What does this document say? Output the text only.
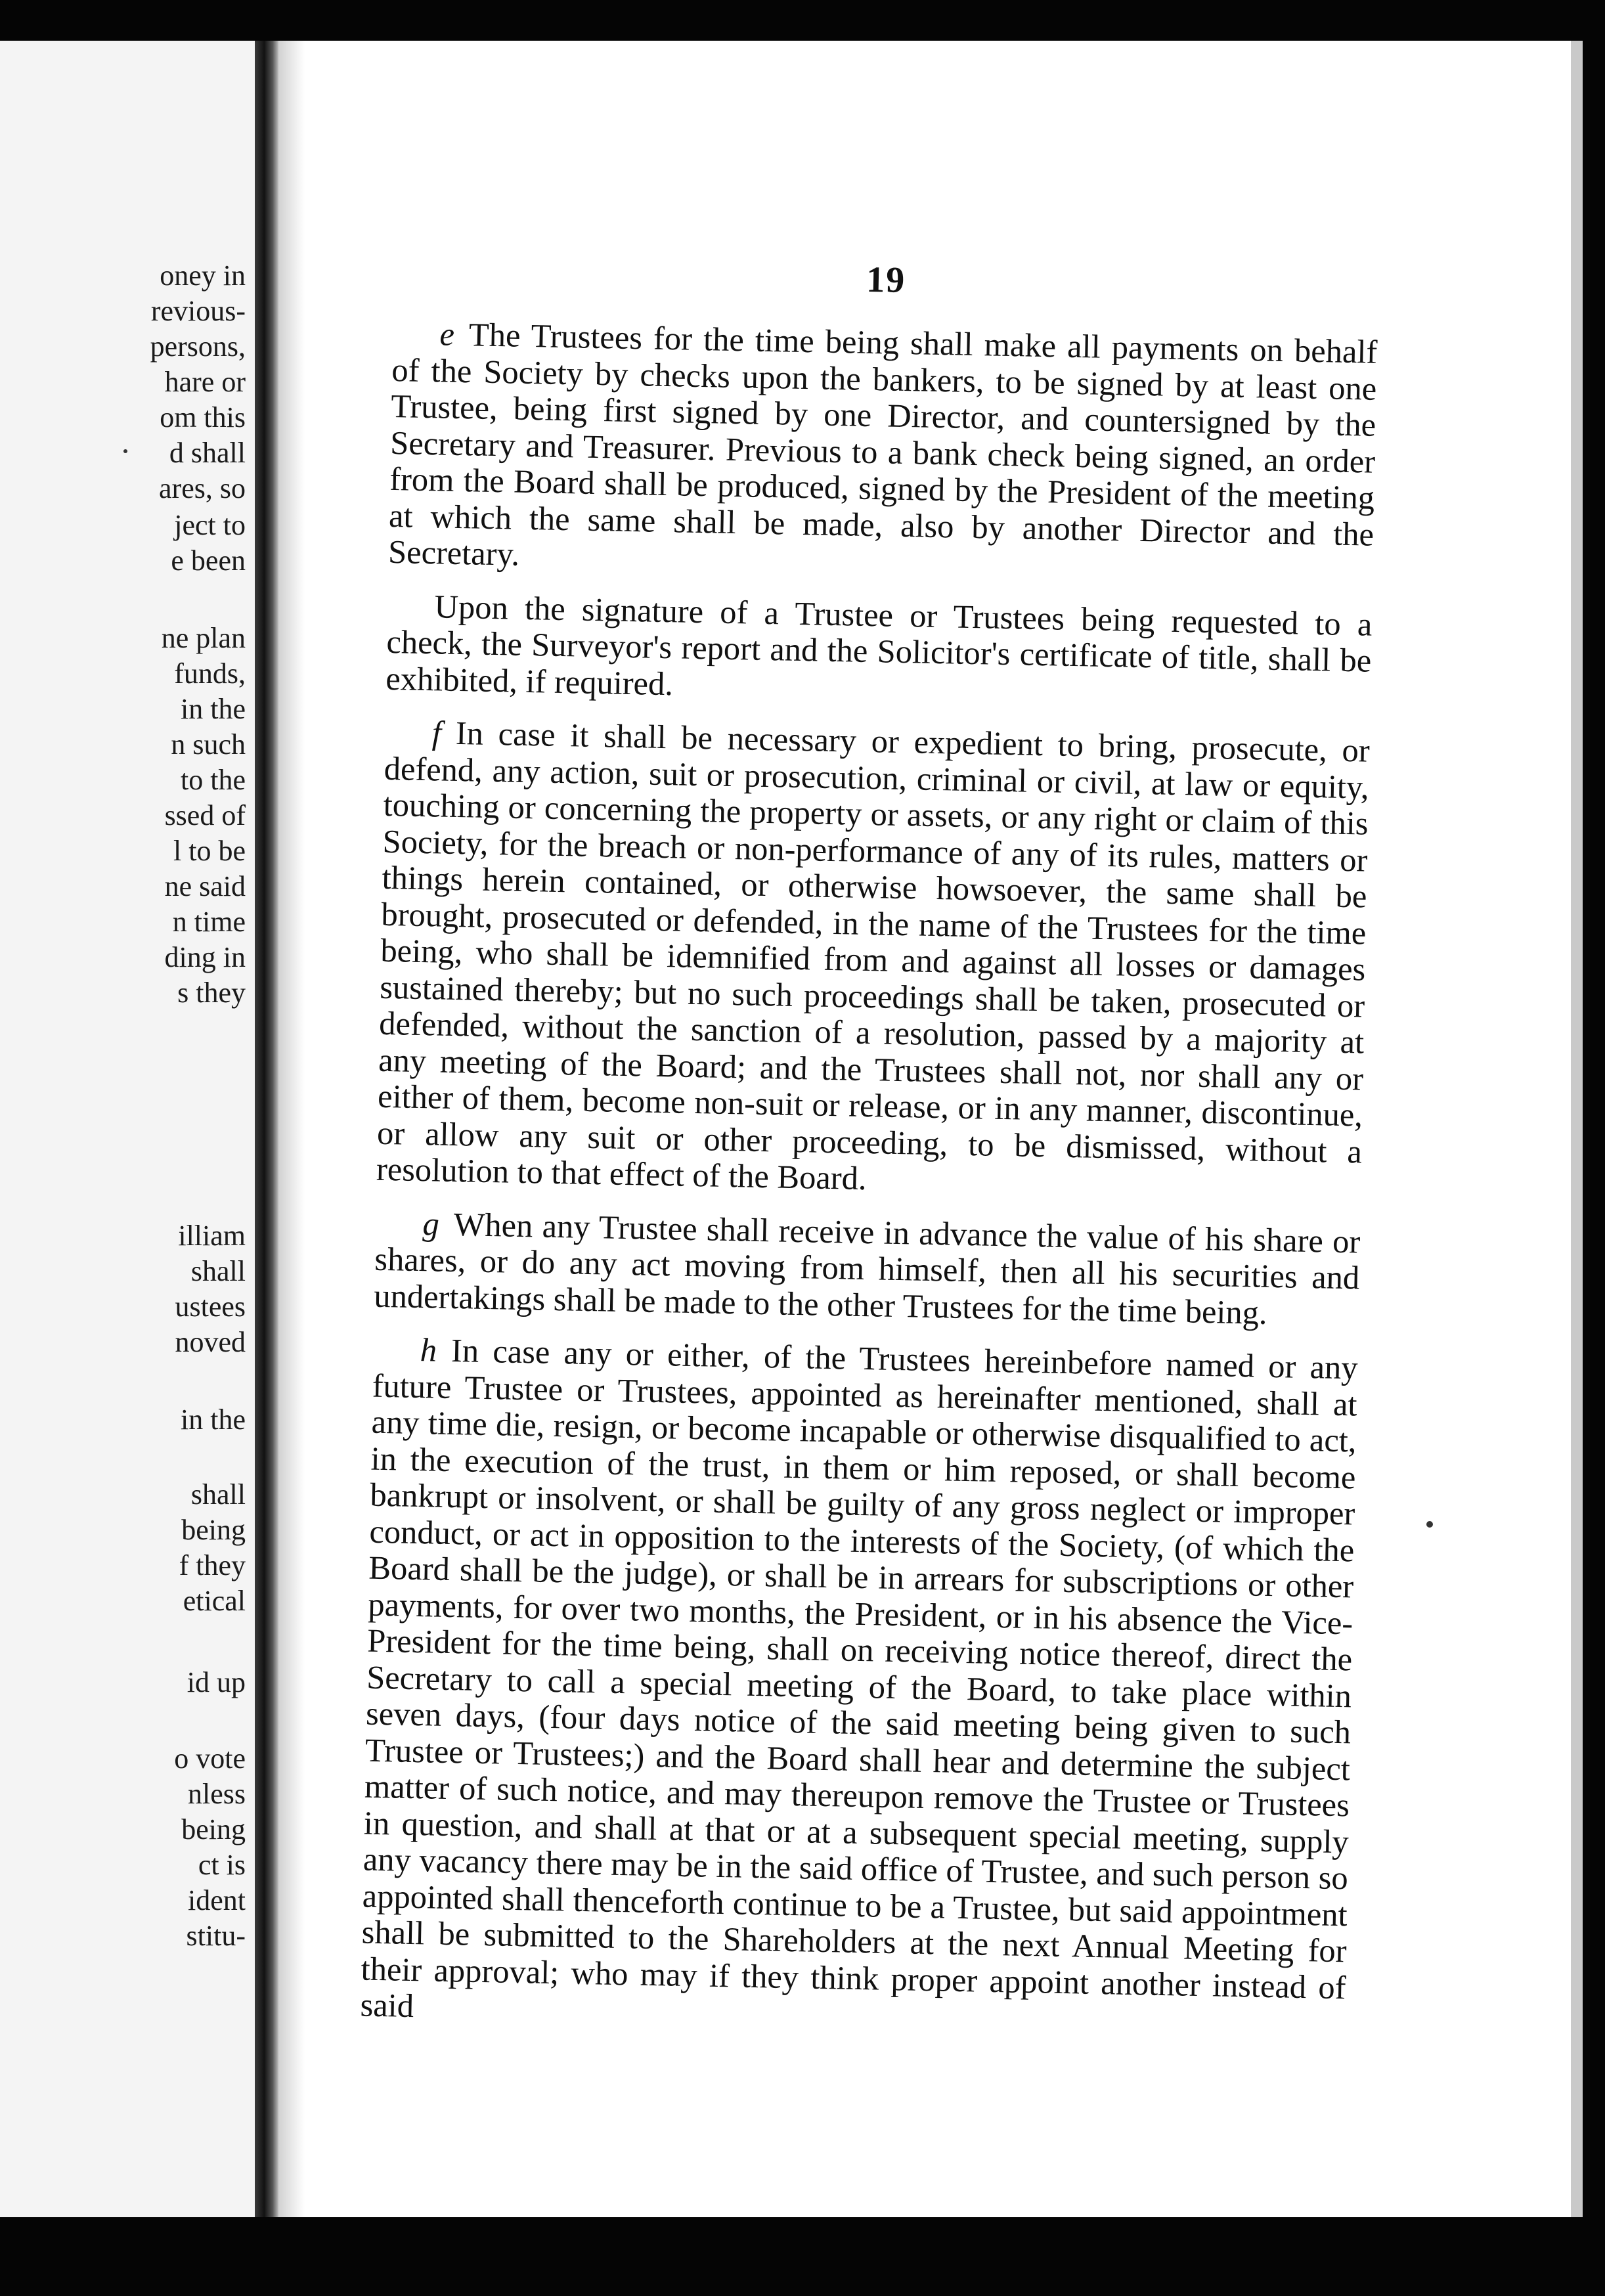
oney in
revious-
persons,
hare or
om this
d shall
ares, so
ject to
e been
ne plan
funds,
in the
n such
to the
ssed of
l to be
ne said
n time
ding in
s they
illiam
shall
ustees
noved
in the
shall
being
f they
etical
id up
o vote
nless
being
ct is
ident
stitu-
19

e The Trustees for the time being shall make all payments on behalf of the Society by checks upon the bankers, to be signed by at least one Trustee, being first signed by one Director, and countersigned by the Secretary and Treasurer. Previous to a bank check being signed, an order from the Board shall be produced, signed by the President of the meeting at which the same shall be made, also by another Director and the Secretary.

Upon the signature of a Trustee or Trustees being requested to a check, the Surveyor's report and the Solicitor's certificate of title, shall be exhibited, if required.

f In case it shall be necessary or expedient to bring, prosecute, or defend, any action, suit or prosecution, criminal or civil, at law or equity, touching or concerning the property or assets, or any right or claim of this Society, for the breach or non-performance of any of its rules, matters or things herein contained, or otherwise howsoever, the same shall be brought, prosecuted or defended, in the name of the Trustees for the time being, who shall be idemnified from and against all losses or damages sustained thereby; but no such proceedings shall be taken, prosecuted or defended, without the sanction of a resolution, passed by a majority at any meeting of the Board; and the Trustees shall not, nor shall any or either of them, become non-suit or release, or in any manner, discontinue, or allow any suit or other proceeding, to be dismissed, without a resolution to that effect of the Board.

g When any Trustee shall receive in advance the value of his share or shares, or do any act moving from himself, then all his securities and undertakings shall be made to the other Trustees for the time being.

h In case any or either, of the Trustees hereinbefore named or any future Trustee or Trustees, appointed as hereinafter mentioned, shall at any time die, resign, or become incapable or otherwise disqualified to act, in the execution of the trust, in them or him reposed, or shall become bankrupt or insolvent, or shall be guilty of any gross neglect or improper conduct, or act in opposition to the interests of the Society, (of which the Board shall be the judge), or shall be in arrears for subscriptions or other payments, for over two months, the President, or in his absence the Vice-President for the time being, shall on receiving notice thereof, direct the Secretary to call a special meeting of the Board, to take place within seven days, (four days notice of the said meeting being given to such Trustee or Trustees;) and the Board shall hear and determine the subject matter of such notice, and may thereupon remove the Trustee or Trustees in question, and shall at that or at a subsequent special meeting, supply any vacancy there may be in the said office of Trustee, and such person so appointed shall thenceforth continue to be a Trustee, but said appointment shall be submitted to the Shareholders at the next Annual Meeting for their approval; who may if they think proper appoint another instead of said
